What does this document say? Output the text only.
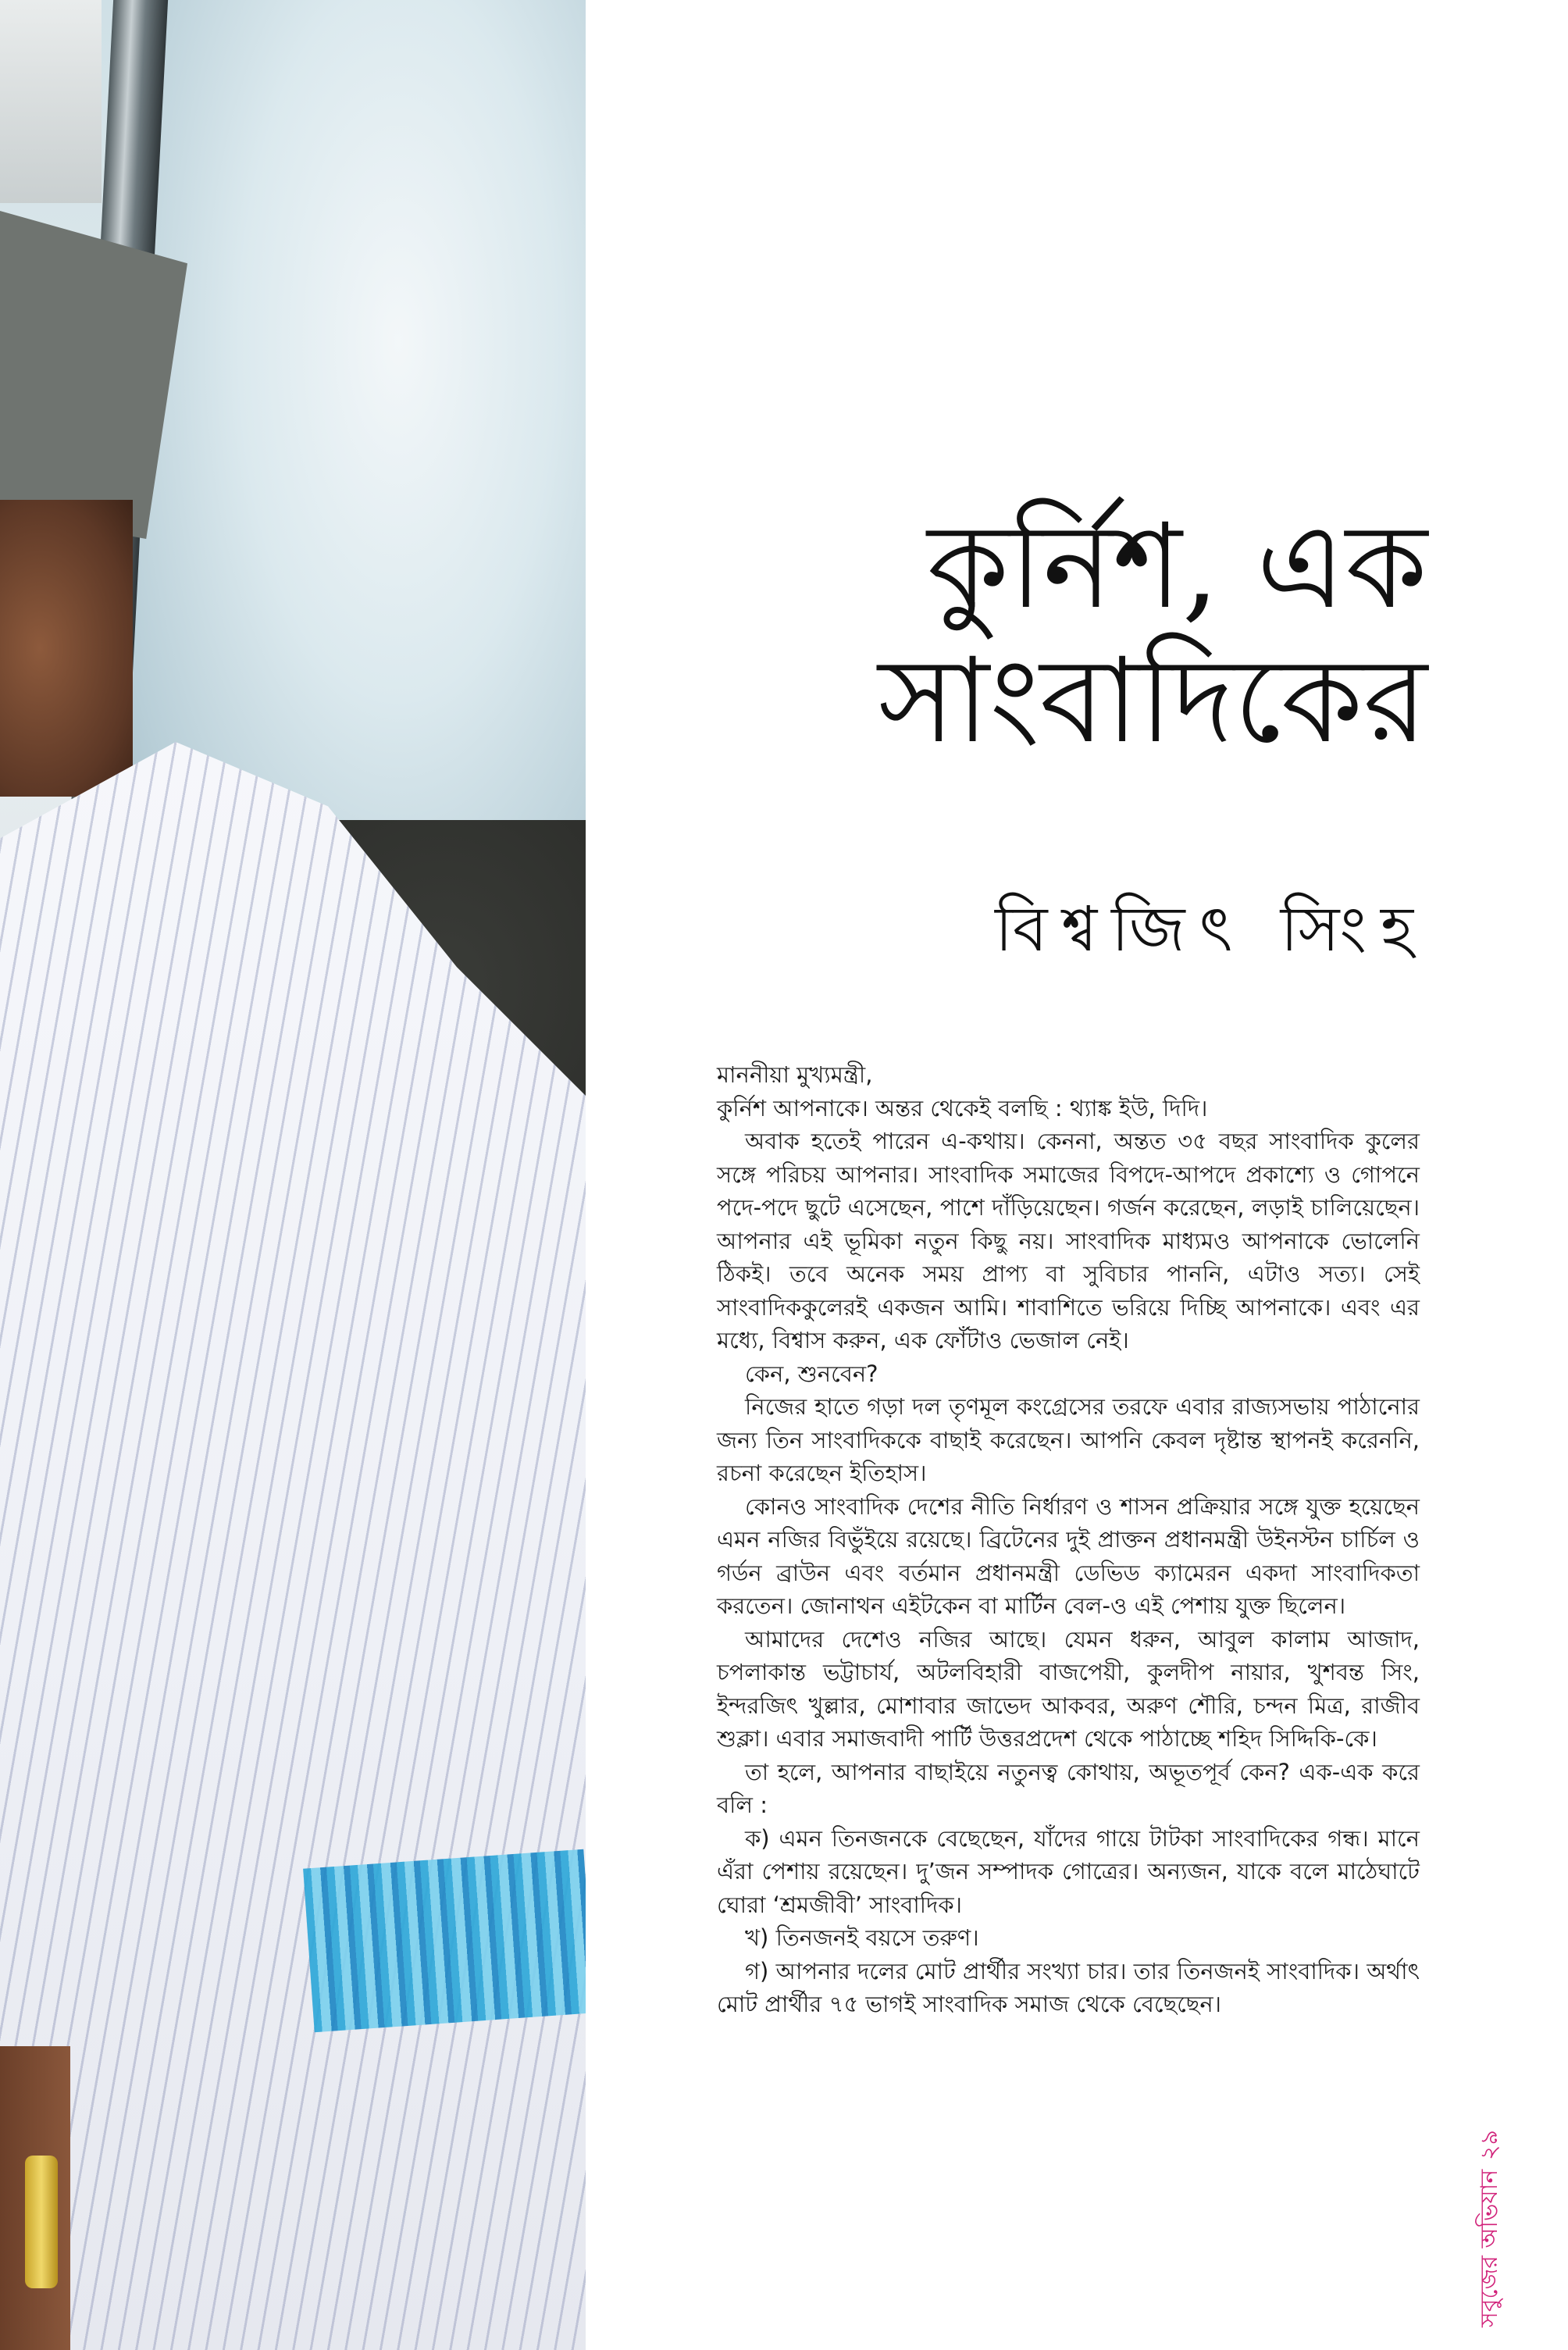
কুর্নিশ, এক
সাংবাদিকের
বিশ্বজিৎ সিংহ

মাননীয়া মুখ্যমন্ত্রী,

কুর্নিশ আপনাকে। অন্তর থেকেই বলছি : থ্যাঙ্ক ইউ, দিদি।

অবাক হতেই পারেন এ-কথায়। কেননা, অন্তত ৩৫ বছর সাংবাদিক কুলের সঙ্গে পরিচয় আপনার। সাংবাদিক সমাজের বিপদে-আপদে প্রকাশ্যে ও গোপনে পদে-পদে ছুটে এসেছেন, পাশে দাঁড়িয়েছেন। গর্জন করেছেন, লড়াই চালিয়েছেন। আপনার এই ভূমিকা নতুন কিছু নয়। সাংবাদিক মাধ্যমও আপনাকে ভোলেনি ঠিকই। তবে অনেক সময় প্রাপ্য বা সুবিচার পাননি, এটাও সত্য। সেই সাংবাদিককুলেরই একজন আমি। শাবাশিতে ভরিয়ে দিচ্ছি আপনাকে। এবং এর মধ্যে, বিশ্বাস করুন, এক ফোঁটাও ভেজাল নেই।

কেন, শুনবেন?

নিজের হাতে গড়া দল তৃণমূল কংগ্রেসের তরফে এবার রাজ্যসভায় পাঠানোর জন্য তিন সাংবাদিককে বাছাই করেছেন। আপনি কেবল দৃষ্টান্ত স্থাপনই করেননি, রচনা করেছেন ইতিহাস।

কোনও সাংবাদিক দেশের নীতি নির্ধারণ ও শাসন প্রক্রিয়ার সঙ্গে যুক্ত হয়েছেন এমন নজির বিভুঁইয়ে রয়েছে। ব্রিটেনের দুই প্রাক্তন প্রধানমন্ত্রী উইনস্টন চার্চিল ও গর্ডন ব্রাউন এবং বর্তমান প্রধানমন্ত্রী ডেভিড ক্যামেরন একদা সাংবাদিকতা করতেন। জোনাথন এইটকেন বা মার্টিন বেল-ও এই পেশায় যুক্ত ছিলেন।

আমাদের দেশেও নজির আছে। যেমন ধরুন, আবুল কালাম আজাদ, চপলাকান্ত ভট্টাচার্য, অটলবিহারী বাজপেয়ী, কুলদীপ নায়ার, খুশবন্ত সিং, ইন্দরজিৎ খুল্লার, মোশাবার জাভেদ আকবর, অরুণ শৌরি, চন্দন মিত্র, রাজীব শুক্লা। এবার সমাজবাদী পার্টি উত্তরপ্রদেশ থেকে পাঠাচ্ছে শহিদ সিদ্দিকি-কে।

তা হলে, আপনার বাছাইয়ে নতুনত্ব কোথায়, অভূতপূর্ব কেন? এক-এক করে বলি :

ক) এমন তিনজনকে বেছেছেন, যাঁদের গায়ে টাটকা সাংবাদিকের গন্ধ। মানে এঁরা পেশায় রয়েছেন। দু’জন সম্পাদক গোত্রের। অন্যজন, যাকে বলে মাঠেঘাটে ঘোরা ‘শ্রমজীবী’ সাংবাদিক।

খ) তিনজনই বয়সে তরুণ।

গ) আপনার দলের মোট প্রার্থীর সংখ্যা চার। তার তিনজনই সাংবাদিক। অর্থাৎ মোট প্রার্থীর ৭৫ ভাগই সাংবাদিক সমাজ থেকে বেছেছেন।

সবুজের অভিযান
২৯
